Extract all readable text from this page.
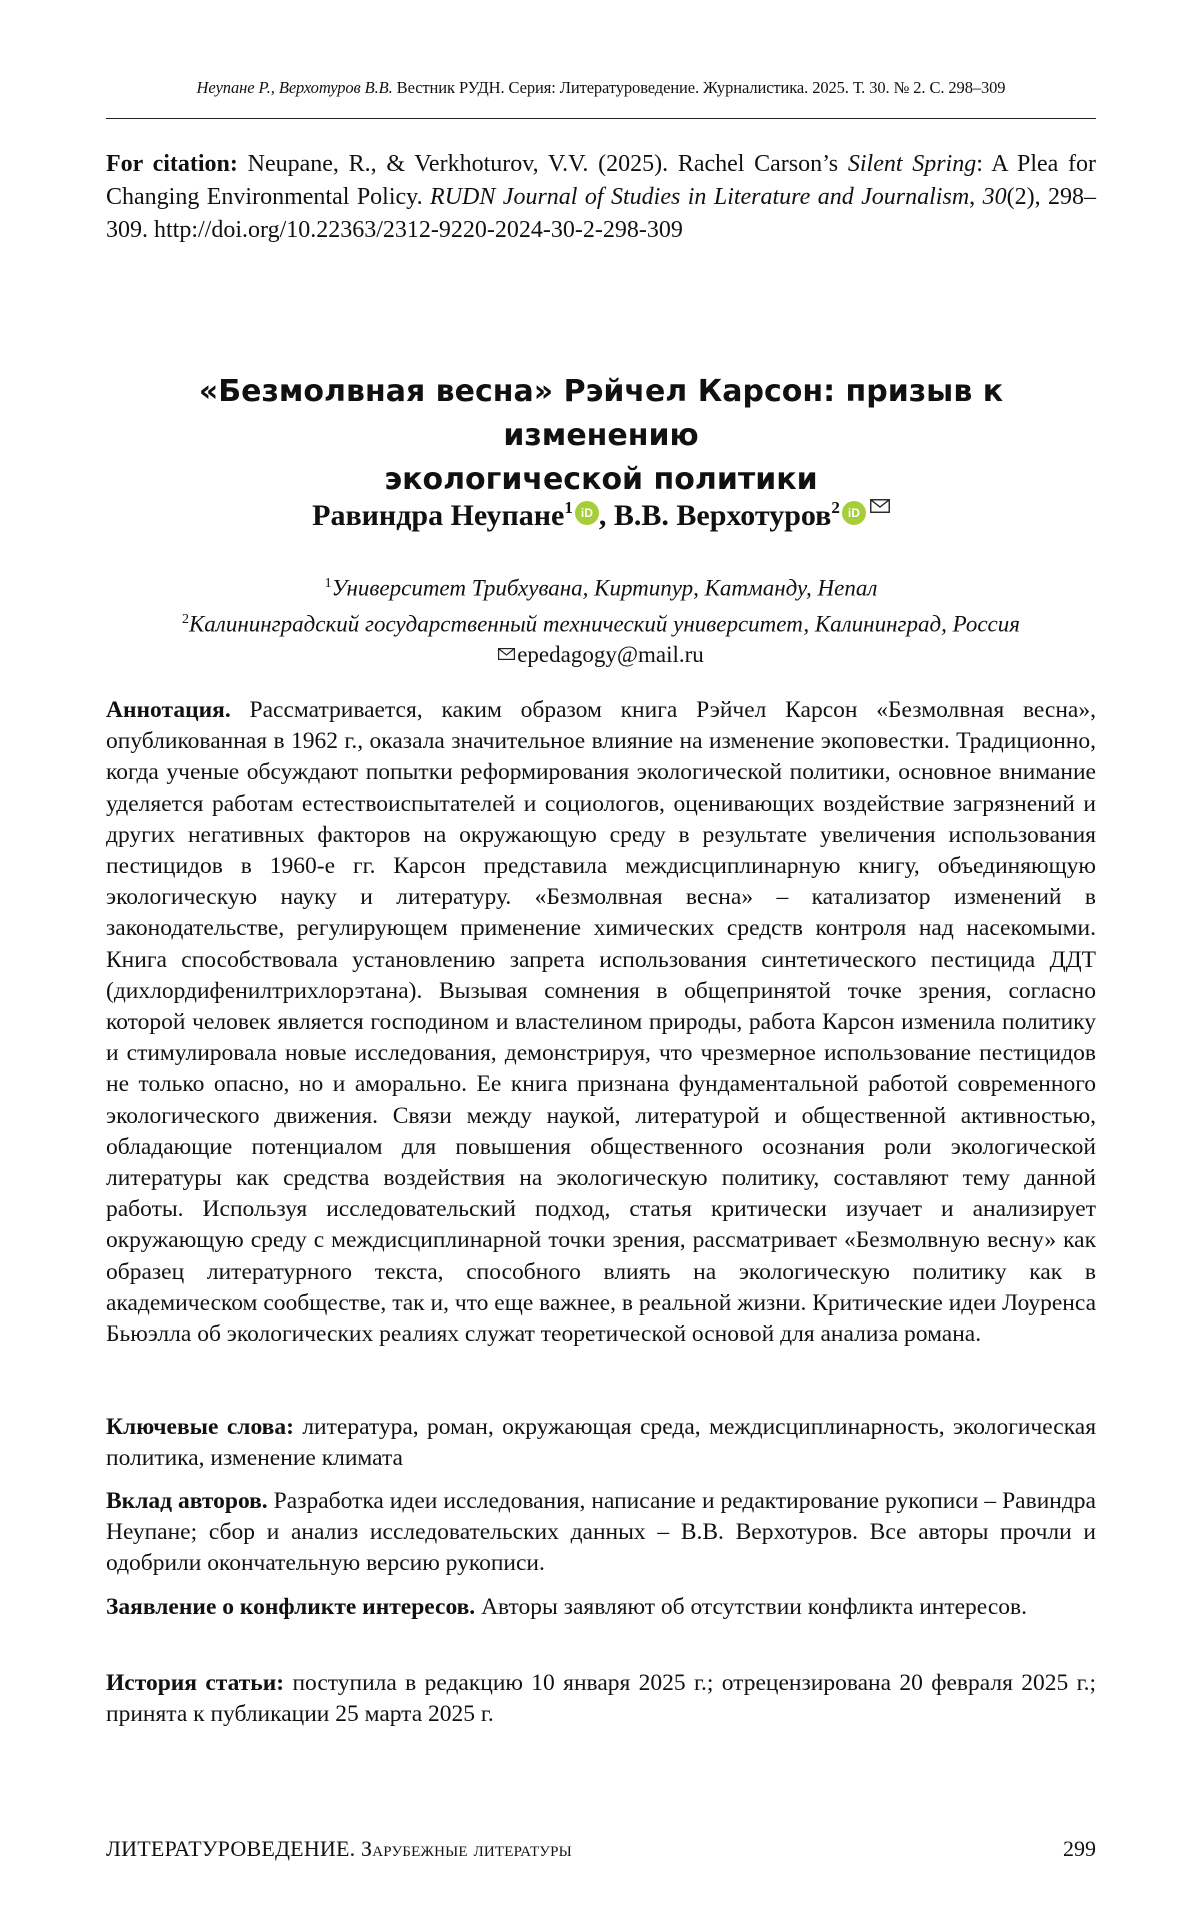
Неупане Р., Верхотуров В.В. Вестник РУДН. Серия: Литературоведение. Журналистика. 2025. Т. 30. № 2. С. 298–309
For citation: Neupane, R., & Verkhoturov, V.V. (2025). Rachel Carson’s Silent Spring: A Plea for Changing Environmental Policy. RUDN Journal of Studies in Literature and Journalism, 30(2), 298–309. http://doi.org/10.22363/2312-9220-2024-30-2-298-309
«Безмолвная весна» Рэйчел Карсон: призыв к изменению
экологической политики
Равиндра Неупане1 iD , В.В. Верхотуров2 iD
1Университет Трибхувана, Киртипур, Катманду, Непал
2Калининградский государственный технический университет, Калининград, Россия
epedagogy@mail.ru
Аннотация. Рассматривается, каким образом книга Рэйчел Карсон «Безмолвная весна», опубликованная в 1962 г., оказала значительное влияние на изменение экоповестки. Традиционно, когда ученые обсуждают попытки реформирования экологической политики, основное внимание уделяется работам естествоиспытателей и социологов, оценивающих воздействие загрязнений и других негативных факторов на окружающую среду в результате увеличения использования пестицидов в 1960-е гг. Карсон представила междисциплинарную книгу, объединяющую экологическую науку и литературу. «Безмолвная весна» – катализатор изменений в законодательстве, регулирующем применение химических средств контроля над насекомыми. Книга способствовала установлению запрета использования синтетического пестицида ДДТ (дихлордифенилтрихлорэтана). Вызывая сомнения в общепринятой точке зрения, согласно которой человек является господином и властелином природы, работа Карсон изменила политику и стимулировала новые исследования, демонстрируя, что чрезмерное использование пестицидов не только опасно, но и аморально. Ее книга признана фундаментальной работой современного экологического движения. Связи между наукой, литературой и общественной активностью, обладающие потенциалом для повышения общественного осознания роли экологической литературы как средства воздействия на экологическую политику, составляют тему данной работы. Используя исследовательский подход, статья критически изучает и анализирует окружающую среду с междисциплинарной точки зрения, рассматривает «Безмолвную весну» как образец литературного текста, способного влиять на экологическую политику как в академическом сообществе, так и, что еще важнее, в реальной жизни. Критические идеи Лоуренса Бьюэлла об экологических реалиях служат теоретической основой для анализа романа.
Ключевые слова: литература, роман, окружающая среда, междисциплинарность, экологическая политика, изменение климата
Вклад авторов. Разработка идеи исследования, написание и редактирование рукописи – Равиндра Неупане; сбор и анализ исследовательских данных – В.В. Верхотуров. Все авторы прочли и одобрили окончательную версию рукописи.
Заявление о конфликте интересов. Авторы заявляют об отсутствии конфликта интересов.
История статьи: поступила в редакцию 10 января 2025 г.; отрецензирована 20 февраля 2025 г.; принята к публикации 25 марта 2025 г.
ЛИТЕРАТУРОВЕДЕНИЕ. Зарубежные литературы	299
